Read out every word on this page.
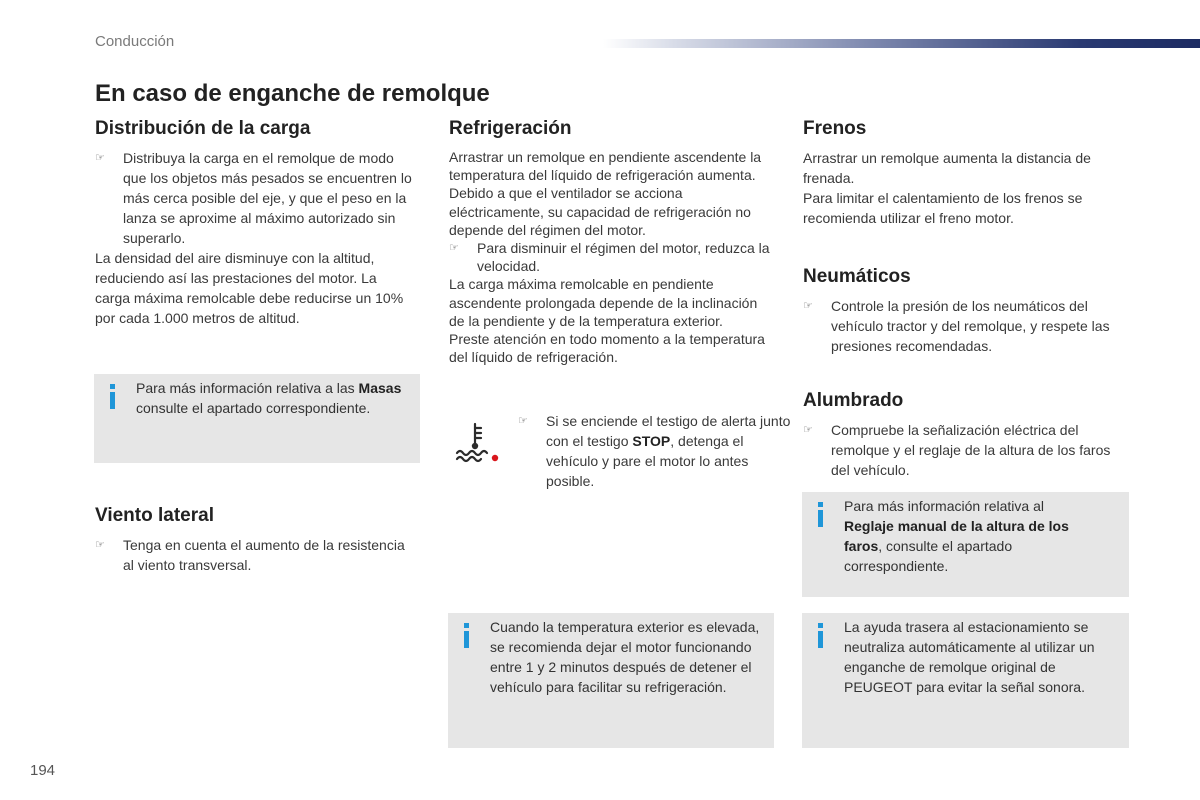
Conducción
En caso de enganche de remolque
Distribución de la carga
☞ Distribuya la carga en el remolque de modo que los objetos más pesados se encuentren lo más cerca posible del eje, y que el peso en la lanza se aproxime al máximo autorizado sin superarlo.

La densidad del aire disminuye con la altitud, reduciendo así las prestaciones del motor. La carga máxima remolcable debe reducirse un 10% por cada 1.000 metros de altitud.

Para más información relativa a las Masas consulte el apartado correspondiente.
Viento lateral
☞ Tenga en cuenta el aumento de la resistencia al viento transversal.
Refrigeración

Arrastrar un remolque en pendiente ascendente la temperatura del líquido de refrigeración aumenta.

Debido a que el ventilador se acciona eléctricamente, su capacidad de refrigeración no depende del régimen del motor.

☞ Para disminuir el régimen del motor, reduzca la velocidad.

La carga máxima remolcable en pendiente ascendente prolongada depende de la inclinación de la pendiente y de la temperatura exterior.

Preste atención en todo momento a la temperatura del líquido de refrigeración.

☞ Si se enciende el testigo de alerta junto con el testigo STOP, detenga el vehículo y pare el motor lo antes posible.
Cuando la temperatura exterior es elevada, se recomienda dejar el motor funcionando entre 1 y 2 minutos después de detener el vehículo para facilitar su refrigeración.
Frenos

Arrastrar un remolque aumenta la distancia de frenada.

Para limitar el calentamiento de los frenos se recomienda utilizar el freno motor.

Neumáticos
☞ Controle la presión de los neumáticos del vehículo tractor y del remolque, y respete las presiones recomendadas.
Alumbrado
☞ Compruebe la señalización eléctrica del remolque y el reglaje de la altura de los faros del vehículo.
Para más información relativa al Reglaje manual de la altura de los faros, consulte el apartado correspondiente.
La ayuda trasera al estacionamiento se neutraliza automáticamente al utilizar un enganche de remolque original de PEUGEOT para evitar la señal sonora.
194
